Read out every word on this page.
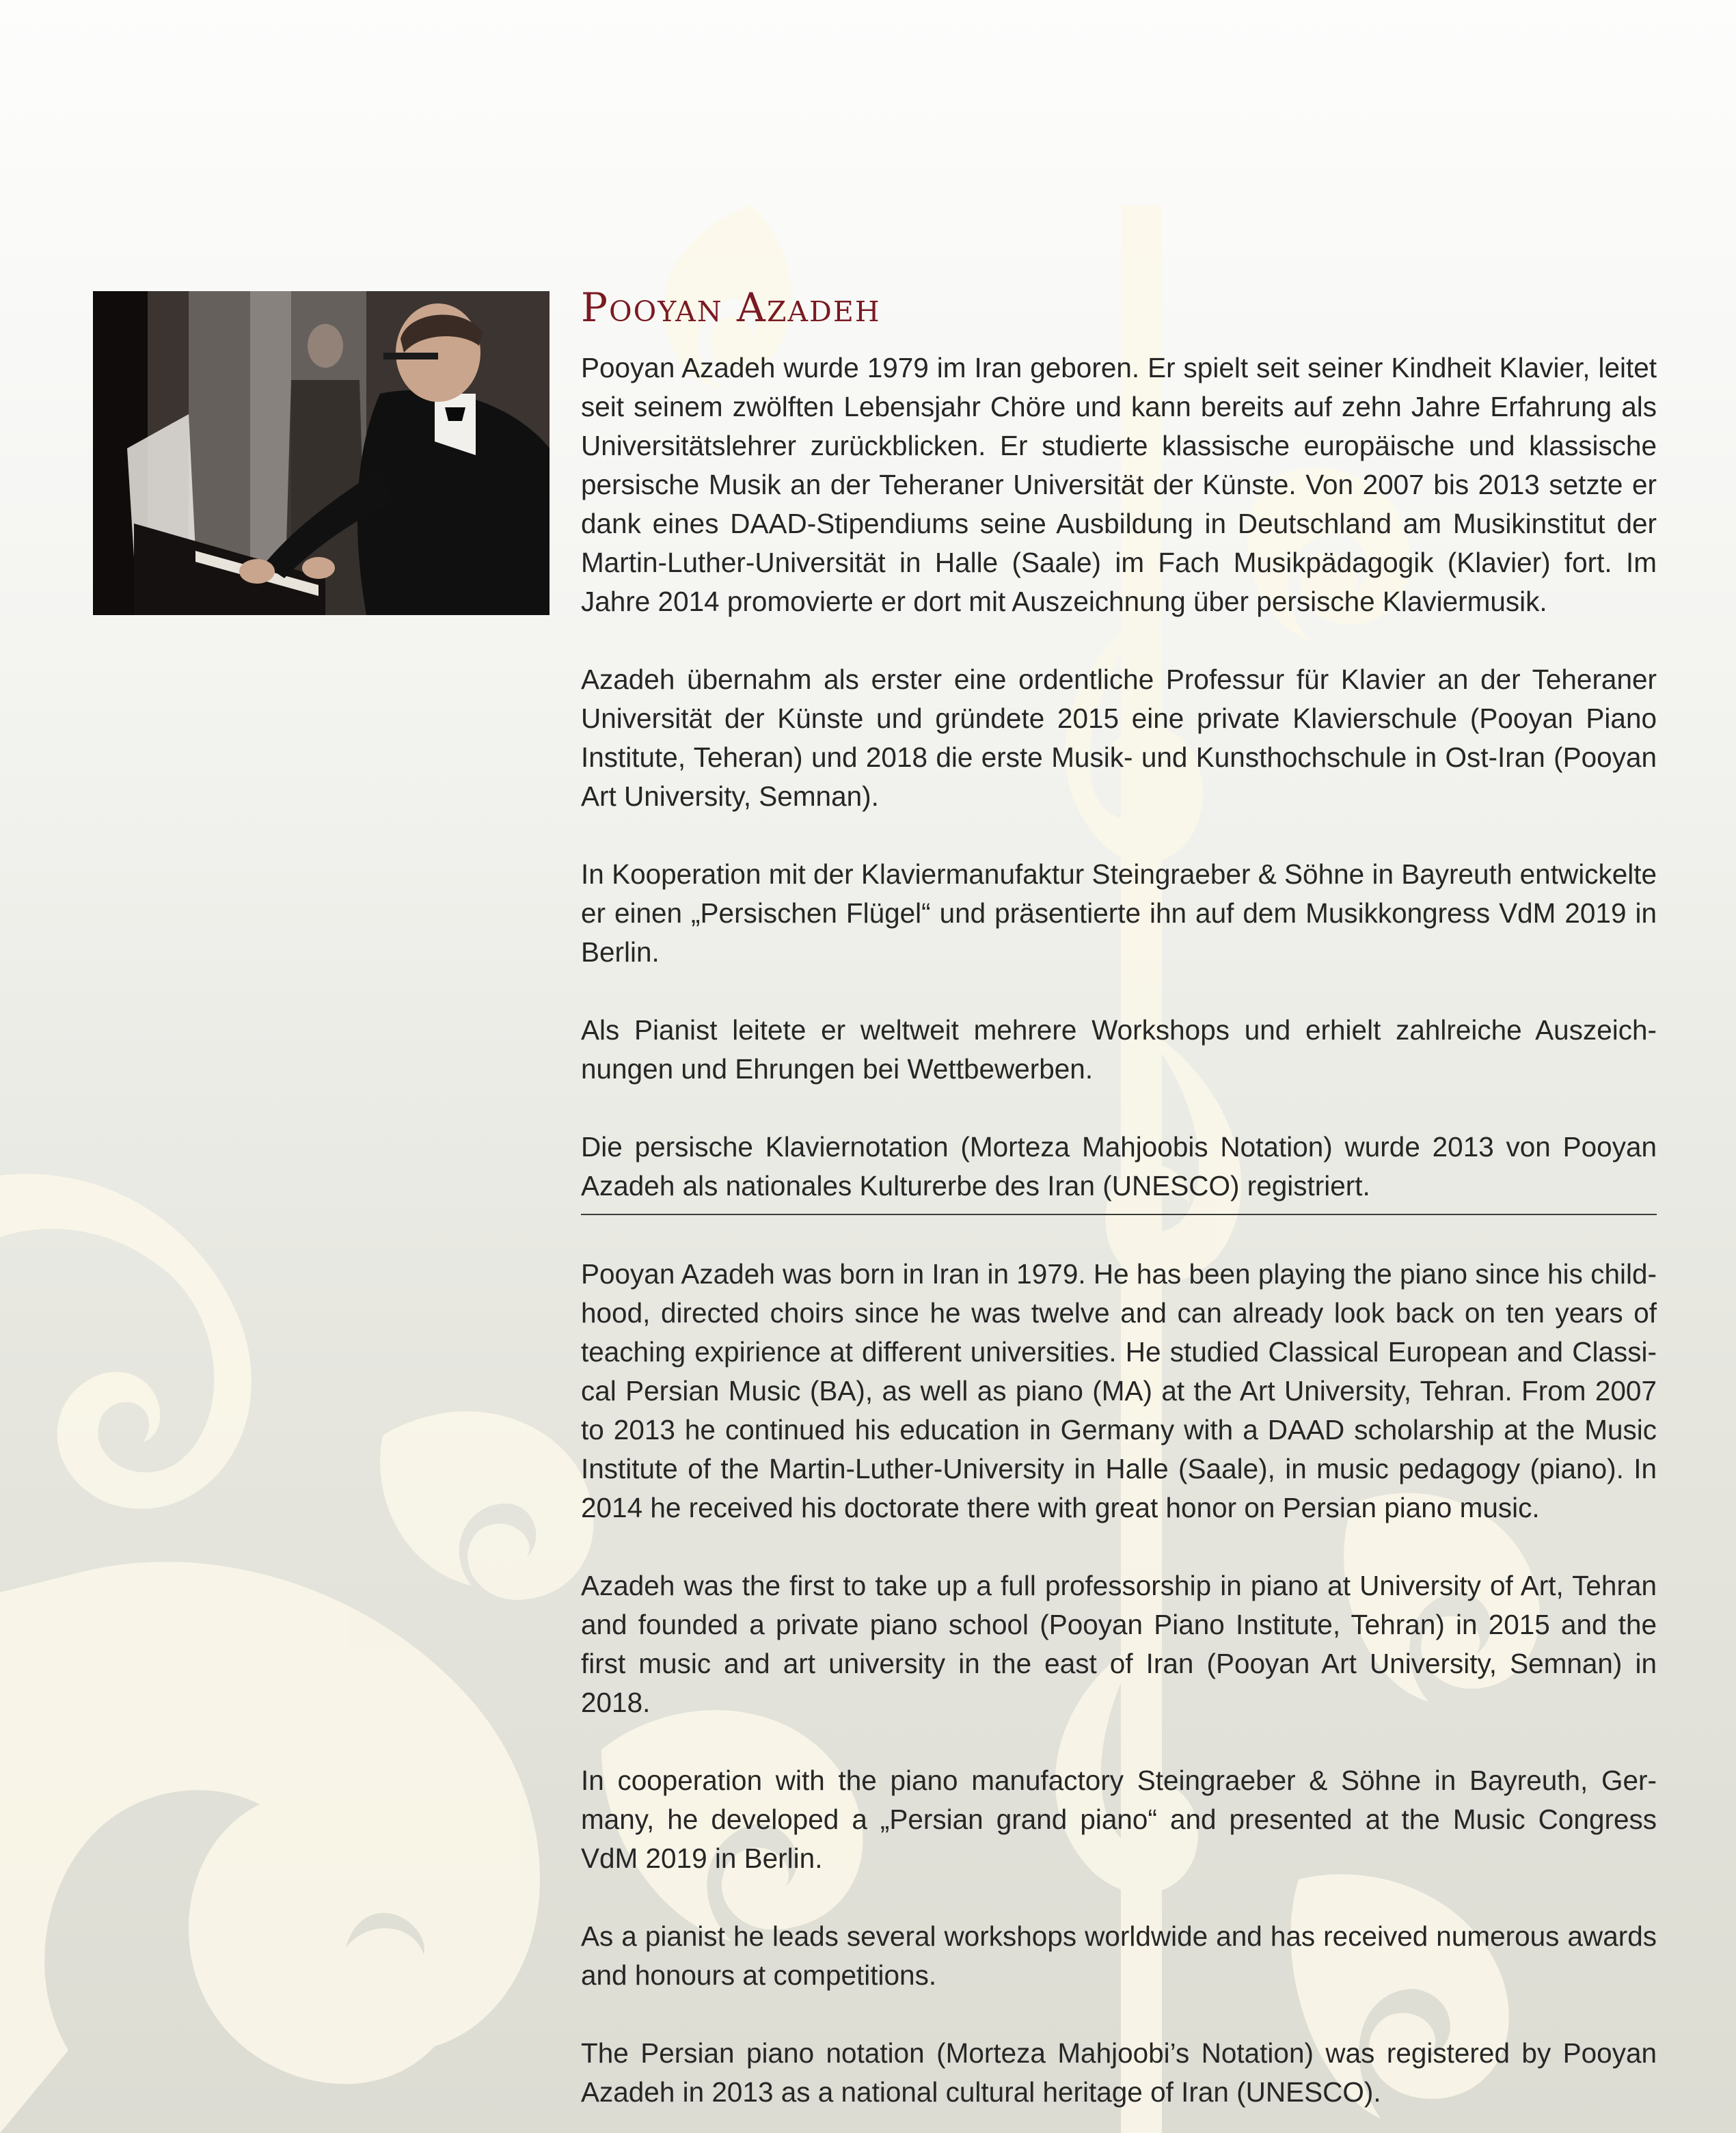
Pooyan Azadeh

Pooyan Azadeh wurde 1979 im Iran geboren. Er spielt seit seiner Kindheit Klavier, leitet seit seinem zwölften Lebensjahr Chöre und kann bereits auf zehn Jahre Erfahrung als Universitätslehrer zurückblicken. Er studierte klassische europäische und klassische persische Musik an der Teheraner Universität der Künste. Von 2007 bis 2013 setzte er dank eines DAAD-Stipendiums seine Ausbildung in Deutschland am Musikinstitut der Martin-Luther-Universität in Halle (Saale) im Fach Musikpädagogik (Klavier) fort. Im Jahre 2014 promovierte er dort mit Auszeichnung über persische Klaviermusik.

Azadeh übernahm als erster eine ordentliche Professur für Klavier an der Teheraner Universität der Künste und gründete 2015 eine private Klavierschule (Pooyan Piano Institute, Teheran) und 2018 die erste Musik- und Kunsthochschule in Ost-Iran (Pooyan Art University, Semnan).

In Kooperation mit der Klaviermanufaktur Steingraeber & Söhne in Bayreuth entwickelte er einen „Persischen Flügel“ und präsentierte ihn auf dem Musikkongress VdM 2019 in Berlin.

Als Pianist leitete er weltweit mehrere Workshops und erhielt zahlreiche Auszeichnungen und Ehrungen bei Wettbewerben.

Die persische Klaviernotation (Morteza Mahjoobis Notation) wurde 2013 von Pooyan Azadeh als nationales Kulturerbe des Iran (UNESCO) registriert.

Pooyan Azadeh was born in Iran in 1979. He has been playing the piano since his childhood, directed choirs since he was twelve and can already look back on ten years of teaching expirience at different universities. He studied Classical European and Classical Persian Music (BA), as well as piano (MA) at the Art University, Tehran. From 2007 to 2013 he continued his education in Germany with a DAAD scholarship at the Music Institute of the Martin-Luther-University in Halle (Saale), in music pedagogy (piano). In 2014 he received his doctorate there with great honor on Persian piano music.

Azadeh was the first to take up a full professorship in piano at University of Art, Tehran and founded a private piano school (Pooyan Piano Institute, Tehran) in 2015 and the first music and art university in the east of Iran (Pooyan Art University, Semnan) in 2018.

In cooperation with the piano manufactory Steingraeber & Söhne in Bayreuth, Germany, he developed a „Persian grand piano“ and presented at the Music Congress VdM 2019 in Berlin.

As a pianist he leads several workshops worldwide and has received numerous awards and honours at competitions.

The Persian piano notation (Morteza Mahjoobi’s Notation) was registered by Pooyan Azadeh in 2013 as a national cultural heritage of Iran (UNESCO).
